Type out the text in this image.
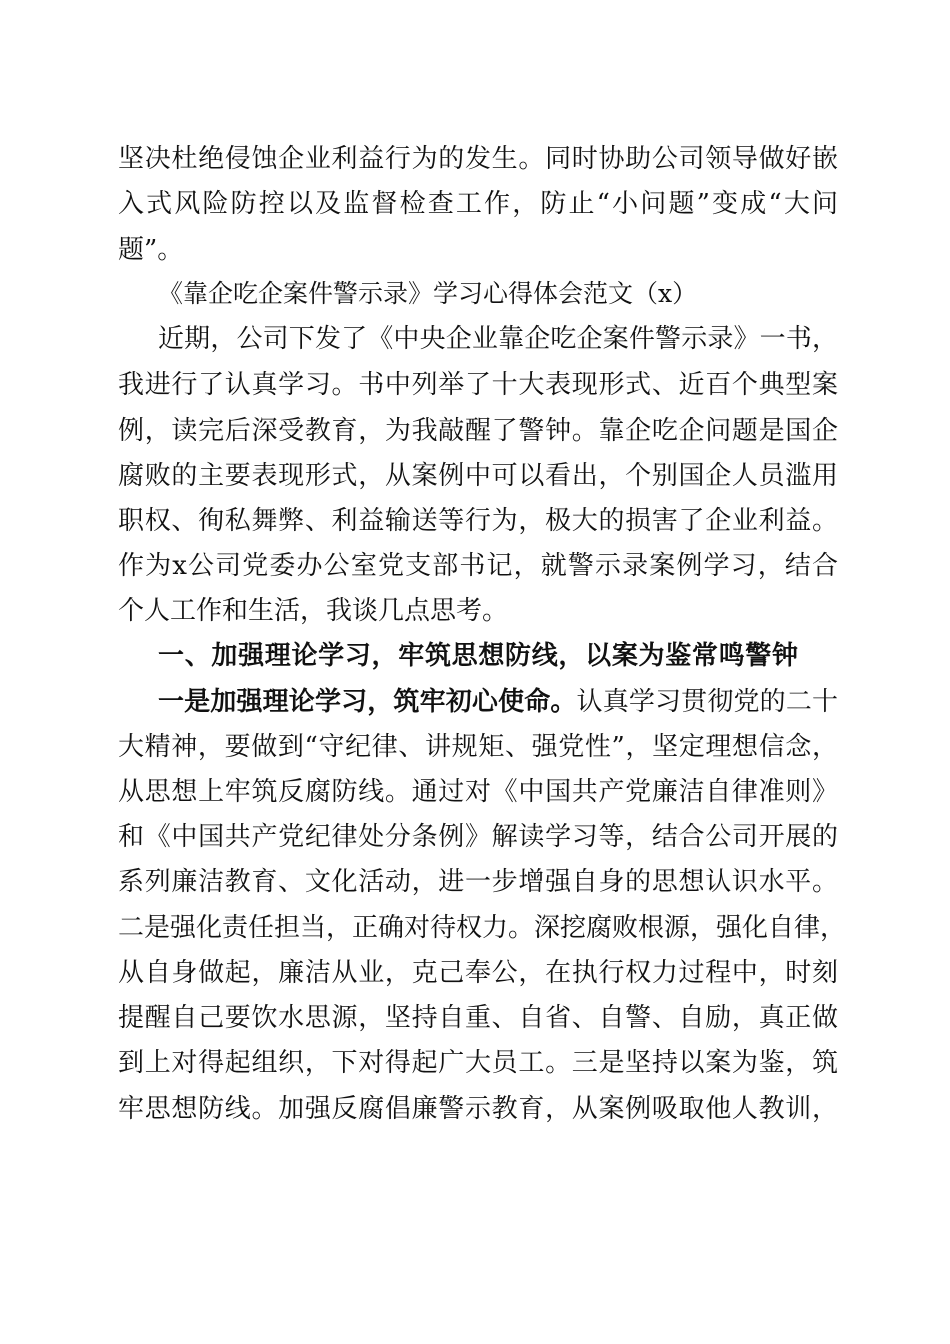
坚决杜绝侵蚀企业利益行为的发生。同时协助公司领导做好嵌
入式风险防控以及监督检查工作，防止“小问题”变成“大问
题”。
《靠企吃企案件警示录》学习心得体会范文（x）
近期，公司下发了《中央企业靠企吃企案件警示录》一书，
我进行了认真学习。书中列举了十大表现形式、近百个典型案
例，读完后深受教育，为我敲醒了警钟。靠企吃企问题是国企
腐败的主要表现形式，从案例中可以看出，个别国企人员滥用
职权、徇私舞弊、利益输送等行为，极大的损害了企业利益。
作为x公司党委办公室党支部书记，就警示录案例学习，结合
个人工作和生活，我谈几点思考。
一、加强理论学习，牢筑思想防线，以案为鉴常鸣警钟
一是加强理论学习，筑牢初心使命。认真学习贯彻党的二十
大精神，要做到“守纪律、讲规矩、强党性”，坚定理想信念，
从思想上牢筑反腐防线。通过对《中国共产党廉洁自律准则》
和《中国共产党纪律处分条例》解读学习等，结合公司开展的
系列廉洁教育、文化活动，进一步增强自身的思想认识水平。
二是强化责任担当，正确对待权力。深挖腐败根源，强化自律，
从自身做起，廉洁从业，克己奉公，在执行权力过程中，时刻
提醒自己要饮水思源，坚持自重、自省、自警、自励，真正做
到上对得起组织，下对得起广大员工。三是坚持以案为鉴，筑
牢思想防线。加强反腐倡廉警示教育，从案例吸取他人教训，
